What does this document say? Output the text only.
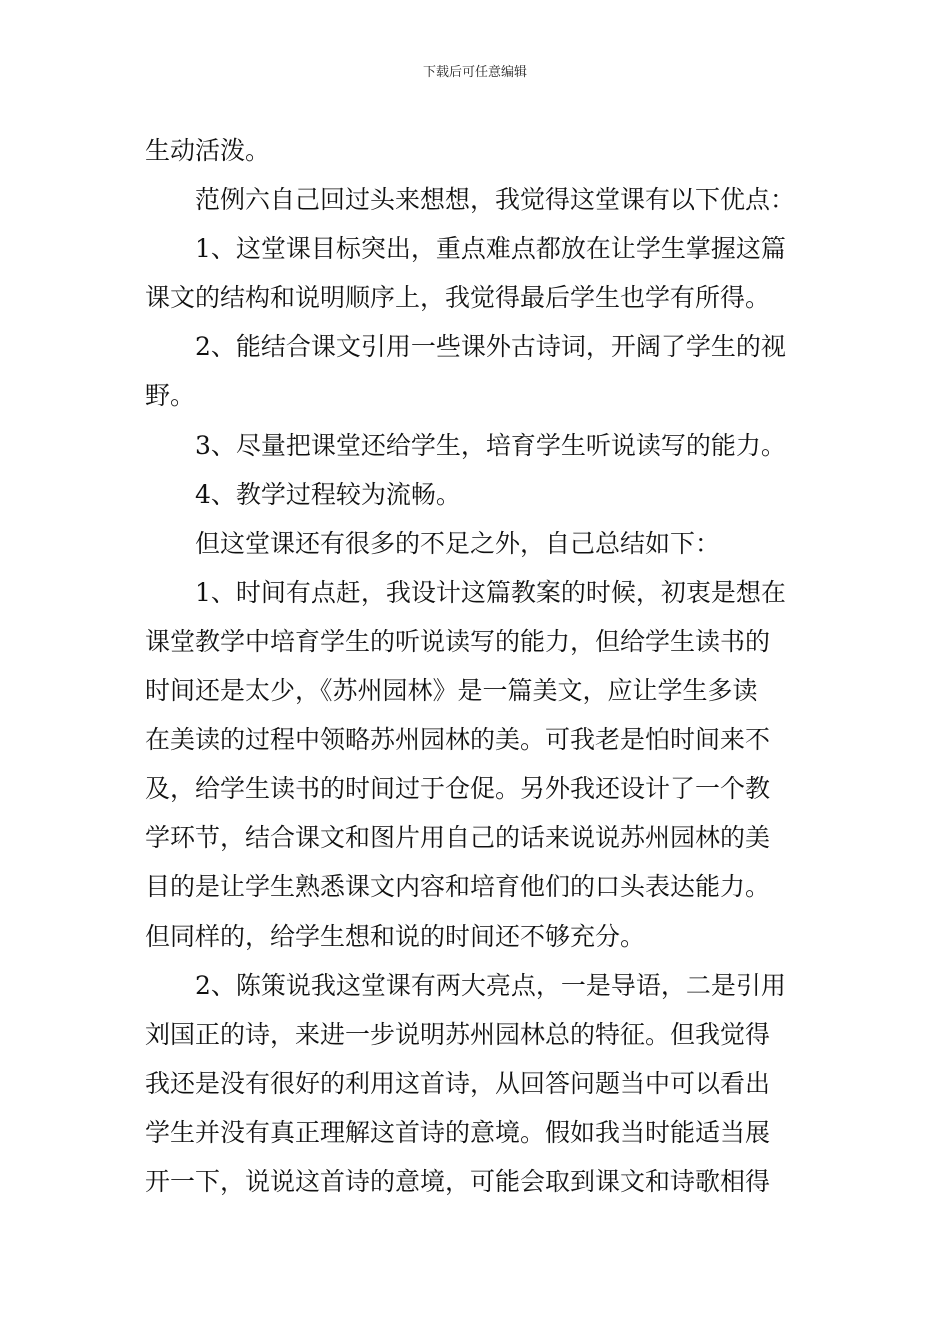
下载后可任意编辑
生动活泼。
范例六自己回过头来想想，我觉得这堂课有以下优点：
1、这堂课目标突出，重点难点都放在让学生掌握这篇
课文的结构和说明顺序上，我觉得最后学生也学有所得。
2、能结合课文引用一些课外古诗词，开阔了学生的视
野。
3、尽量把课堂还给学生，培育学生听说读写的能力。
4、教学过程较为流畅。
但这堂课还有很多的不足之外，自己总结如下：
1、时间有点赶，我设计这篇教案的时候，初衷是想在
课堂教学中培育学生的听说读写的能力，但给学生读书的
时间还是太少，《苏州园林》是一篇美文，应让学生多读
在美读的过程中领略苏州园林的美。可我老是怕时间来不
及，给学生读书的时间过于仓促。另外我还设计了一个教
学环节，结合课文和图片用自己的话来说说苏州园林的美
目的是让学生熟悉课文内容和培育他们的口头表达能力。
但同样的，给学生想和说的时间还不够充分。
2、陈策说我这堂课有两大亮点，一是导语，二是引用
刘国正的诗，来进一步说明苏州园林总的特征。但我觉得
我还是没有很好的利用这首诗，从回答问题当中可以看出
学生并没有真正理解这首诗的意境。假如我当时能适当展
开一下，说说这首诗的意境，可能会取到课文和诗歌相得
